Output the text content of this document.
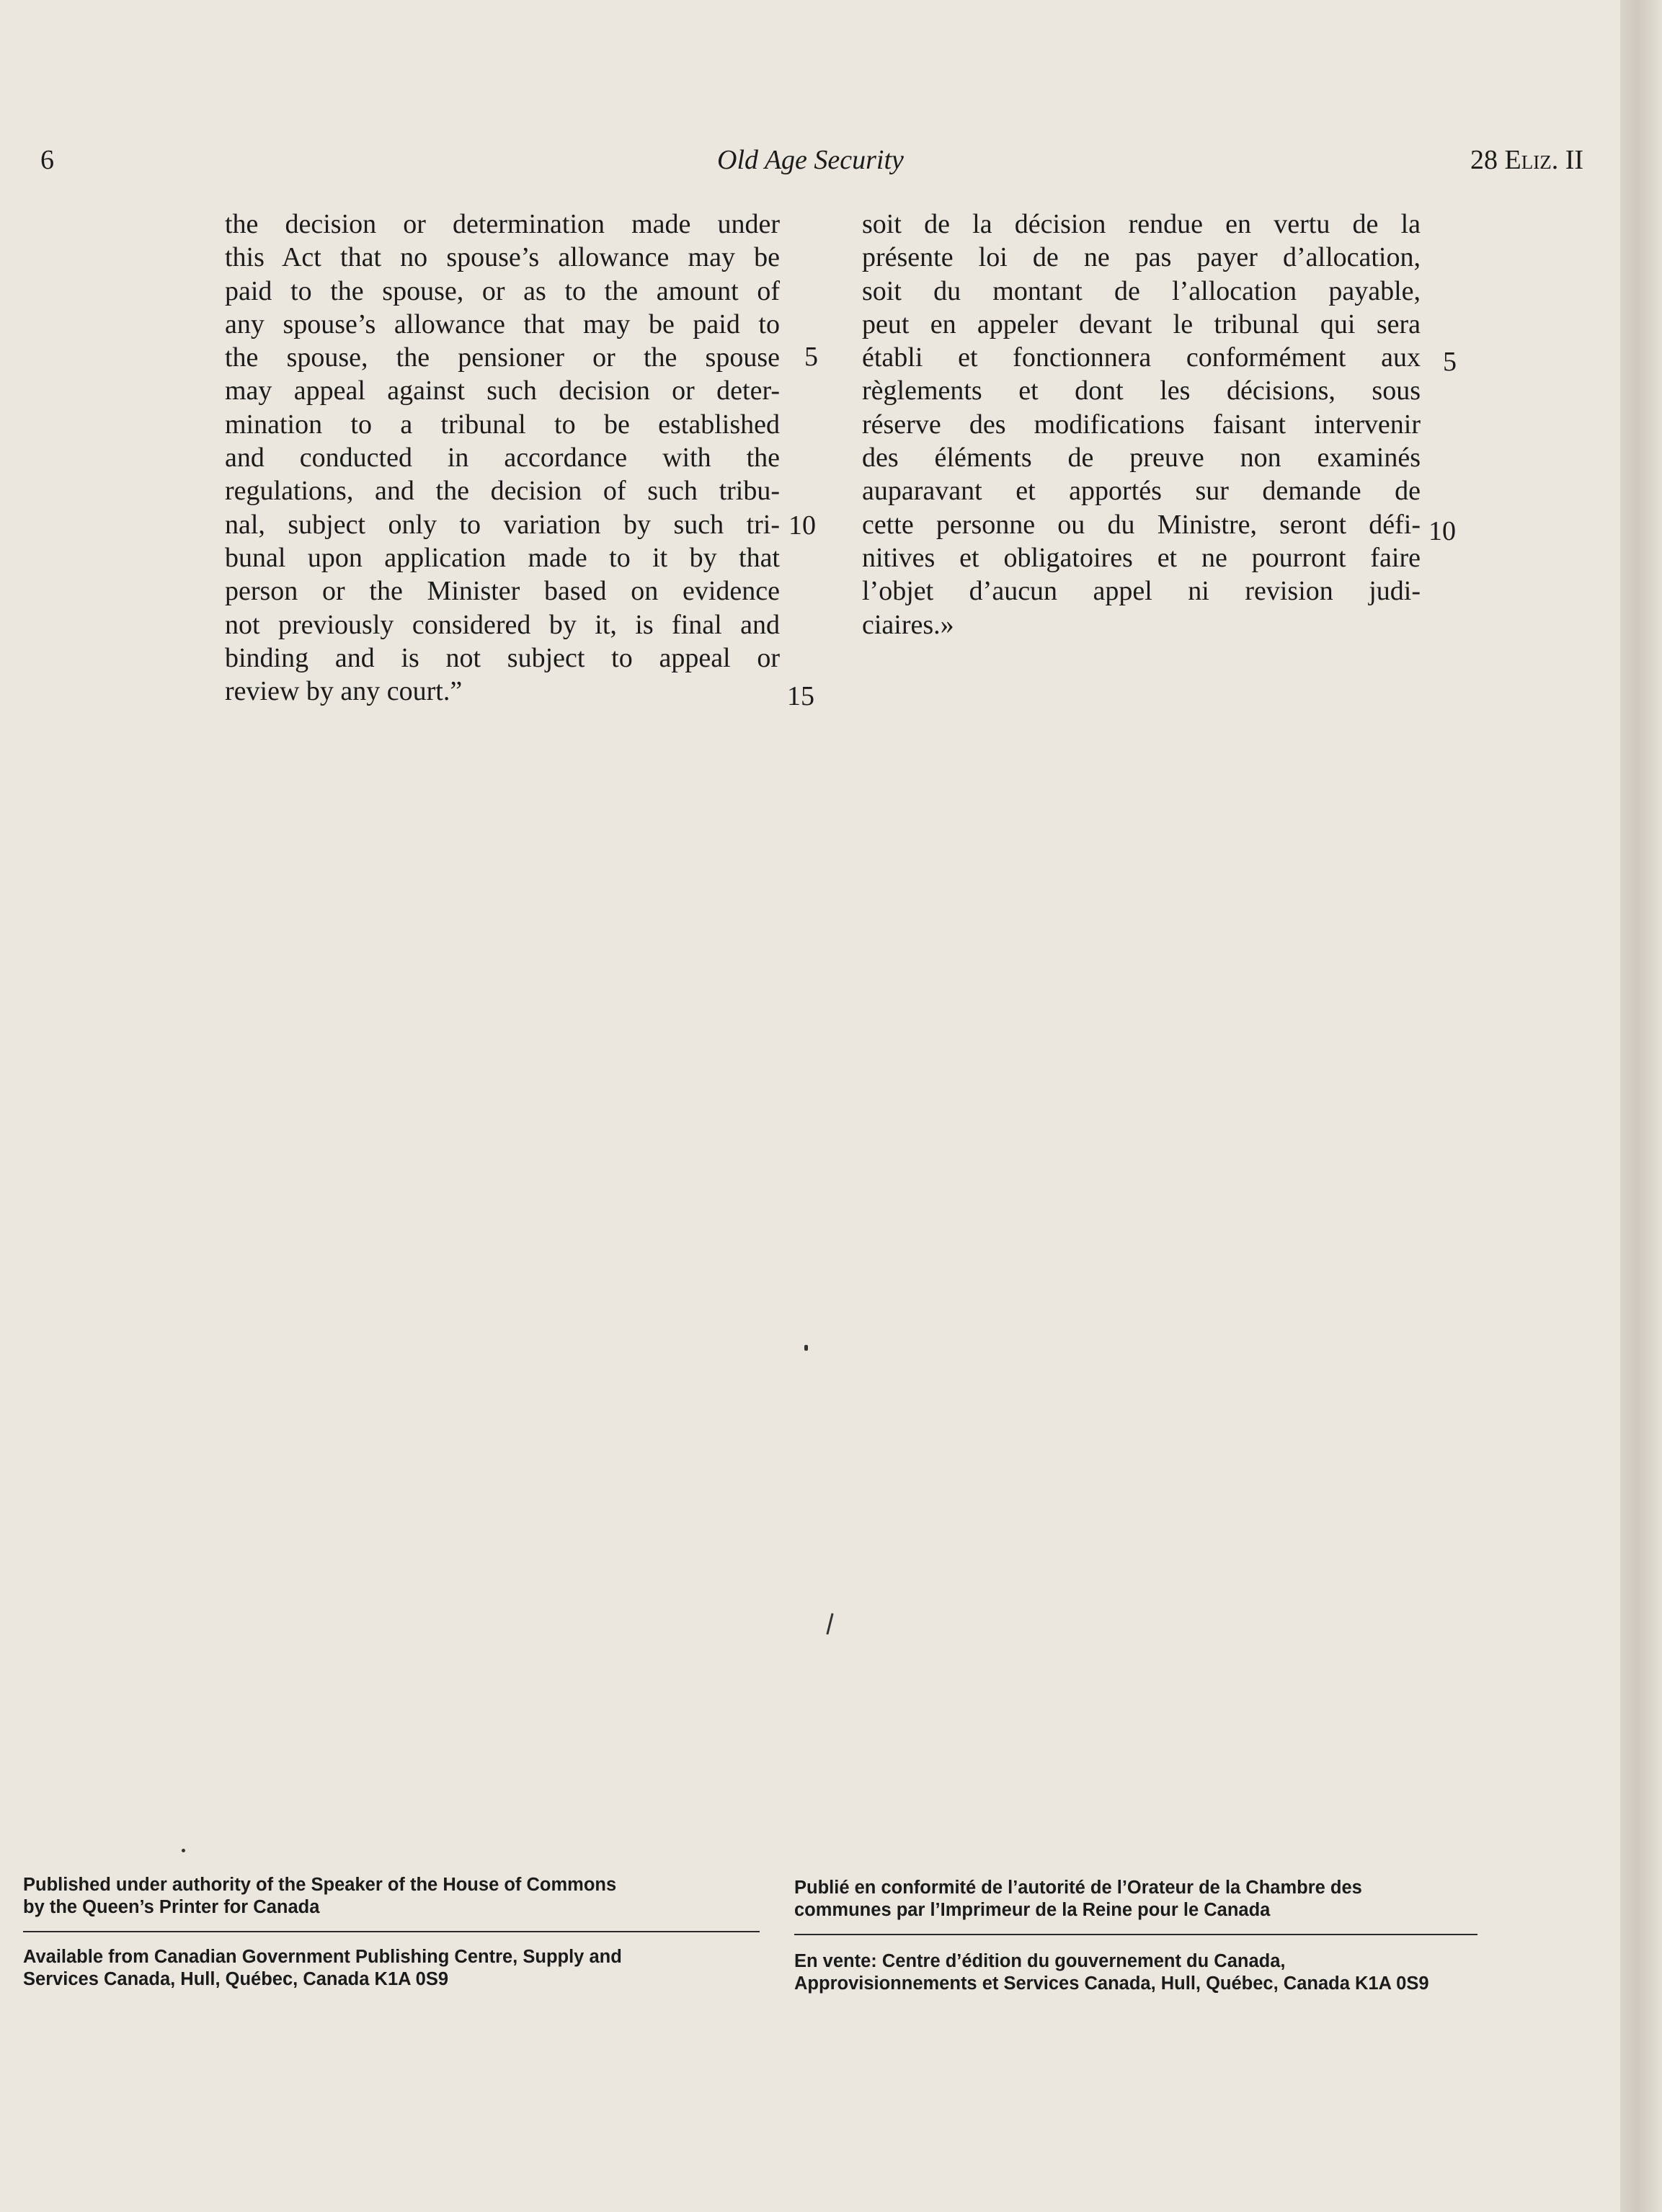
6	Old Age Security	28 Eliz. II
the decision or determination made under
this Act that no spouse’s allowance may be
paid to the spouse, or as to the amount of
any spouse’s allowance that may be paid to
the spouse, the pensioner or the spouse
may appeal against such decision or deter-
mination to a tribunal to be established
and conducted in accordance with the
regulations, and the decision of such tribu-
nal, subject only to variation by such tri-
bunal upon application made to it by that
person or the Minister based on evidence
not previously considered by it, is final and
binding and is not subject to appeal or
review by any court.”
5
10
15
soit de la décision rendue en vertu de la
présente loi de ne pas payer d’allocation,
soit du montant de l’allocation payable,
peut en appeler devant le tribunal qui sera
établi et fonctionnera conformément aux
règlements et dont les décisions, sous
réserve des modifications faisant intervenir
des éléments de preuve non examinés
auparavant et apportés sur demande de
cette personne ou du Ministre, seront défi-
nitives et obligatoires et ne pourront faire
l’objet d’aucun appel ni revision judi-
ciaires.»
5
10
Published under authority of the Speaker of the House of Commons
by the Queen’s Printer for Canada
Available from Canadian Government Publishing Centre, Supply and
Services Canada, Hull, Québec, Canada K1A 0S9
Publié en conformité de l’autorité de l’Orateur de la Chambre des
communes par l’Imprimeur de la Reine pour le Canada
En vente: Centre d’édition du gouvernement du Canada,
Approvisionnements et Services Canada, Hull, Québec, Canada K1A 0S9
